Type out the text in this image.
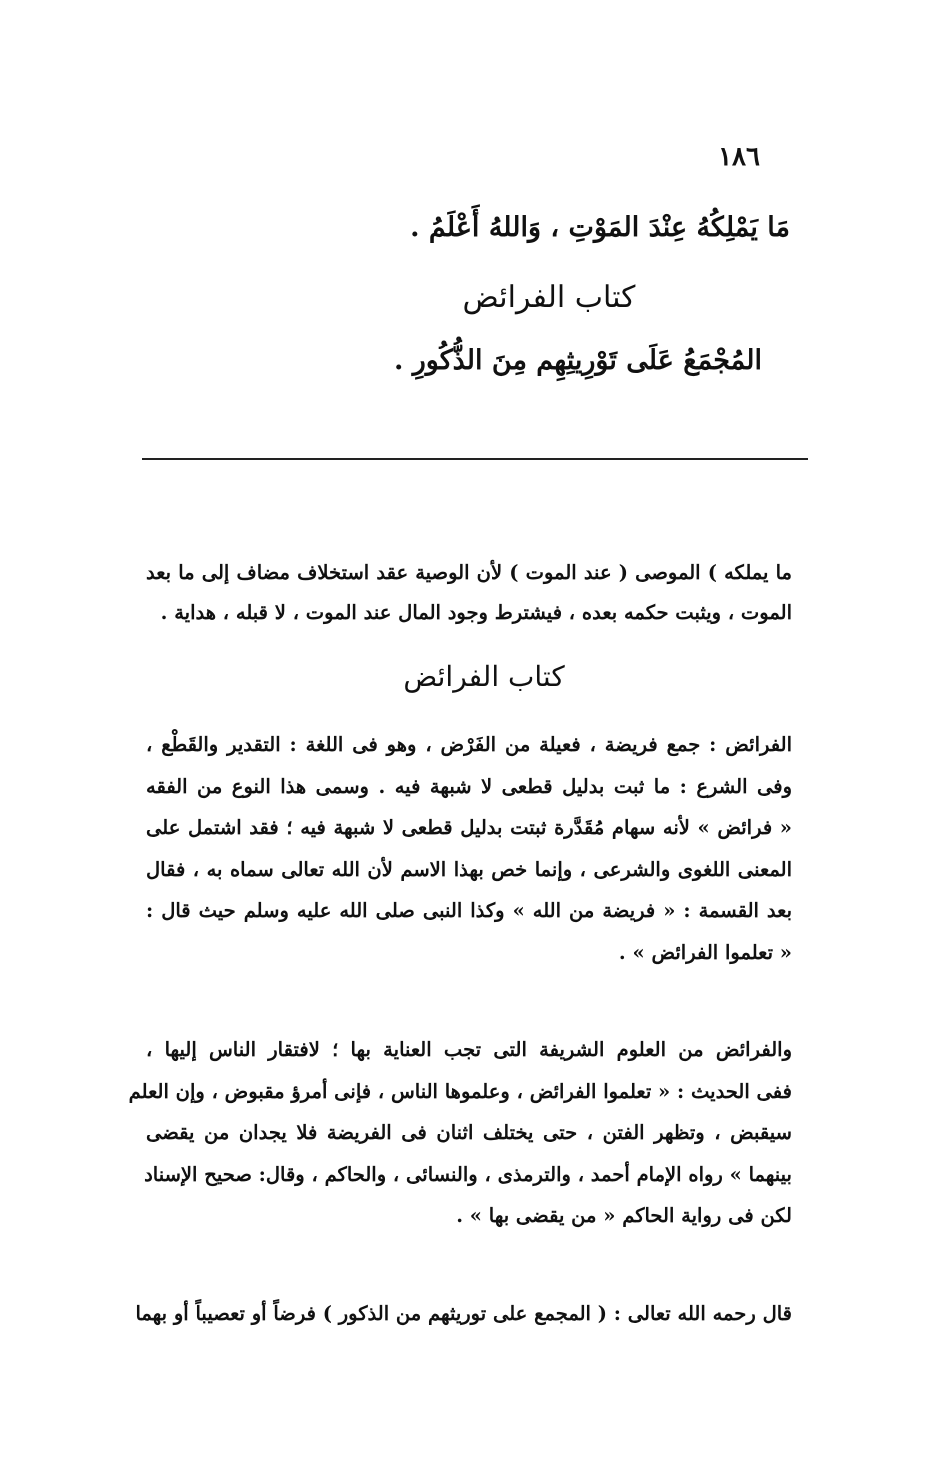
١٨٦
مَا يَمْلِكُهُ عِنْدَ المَوْتِ ، وَاللهُ أَعْلَمُ .
كتاب الفرائض
المُجْمَعُ عَلَى تَوْرِيثِهِم مِنَ الذُّكُورِ .
ما يملكه ) الموصى ( عند الموت ) لأن الوصية عقد استخلاف مضاف إلى ما بعد
الموت ، ويثبت حكمه بعده ، فيشترط وجود المال عند الموت ، لا قبله ، هداية .
كتاب الفرائض
الفرائض : جمع فريضة ، فعيلة من الفَرْض ، وهو فى اللغة : التقدير والقَطْع ،
وفى الشرع : ما ثبت بدليل قطعى لا شبهة فيه . وسمى هذا النوع من الفقه
« فرائض » لأنه سهام مُقَدَّرة ثبتت بدليل قطعى لا شبهة فيه ؛ فقد اشتمل على
المعنى اللغوى والشرعى ، وإنما خص بهذا الاسم لأن الله تعالى سماه به ، فقال
بعد القسمة : « فريضة من الله » وكذا النبى صلى الله عليه وسلم حيث قال :
« تعلموا الفرائض » .
والفرائض من العلوم الشريفة التى تجب العناية بها ؛ لافتقار الناس إليها ،
ففى الحديث : « تعلموا الفرائض ، وعلموها الناس ، فإنى أمرؤ مقبوض ، وإن العلم
سيقبض ، وتظهر الفتن ، حتى يختلف اثنان فى الفريضة فلا يجدان من يقضى
بينهما » رواه الإمام أحمد ، والترمذى ، والنسائى ، والحاكم ، وقال: صحيح الإسناد
لكن فى رواية الحاكم « من يقضى بها » .
قال رحمه الله تعالى : ( المجمع على توريثهم من الذكور ) فرضاً أو تعصيباً أو بهما
